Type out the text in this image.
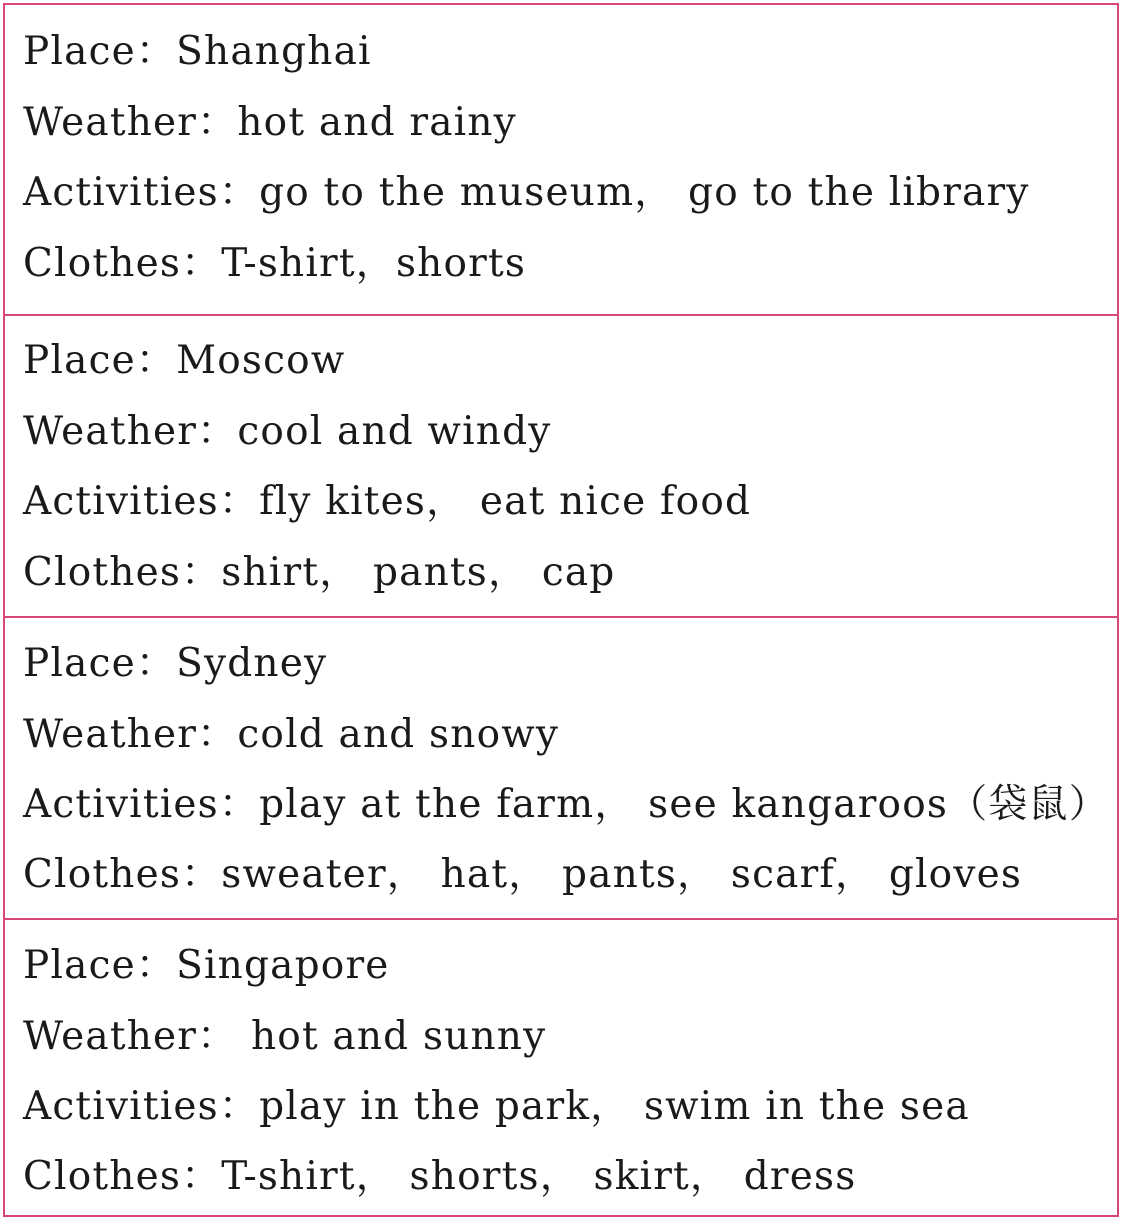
Place：Shanghai
Weather：hot and rainy
Activities：go to the museum， go to the library
Clothes：T-shirt，shorts
Place：Moscow
Weather：cool and windy
Activities：fly kites， eat nice food
Clothes：shirt， pants， cap
Place：Sydney
Weather：cold and snowy
Activities：play at the farm， see kangaroos（袋鼠）
Clothes：sweater， hat， pants， scarf， gloves
Place：Singapore
Weather： hot and sunny
Activities：play in the park， swim in the sea
Clothes：T-shirt， shorts， skirt， dress
